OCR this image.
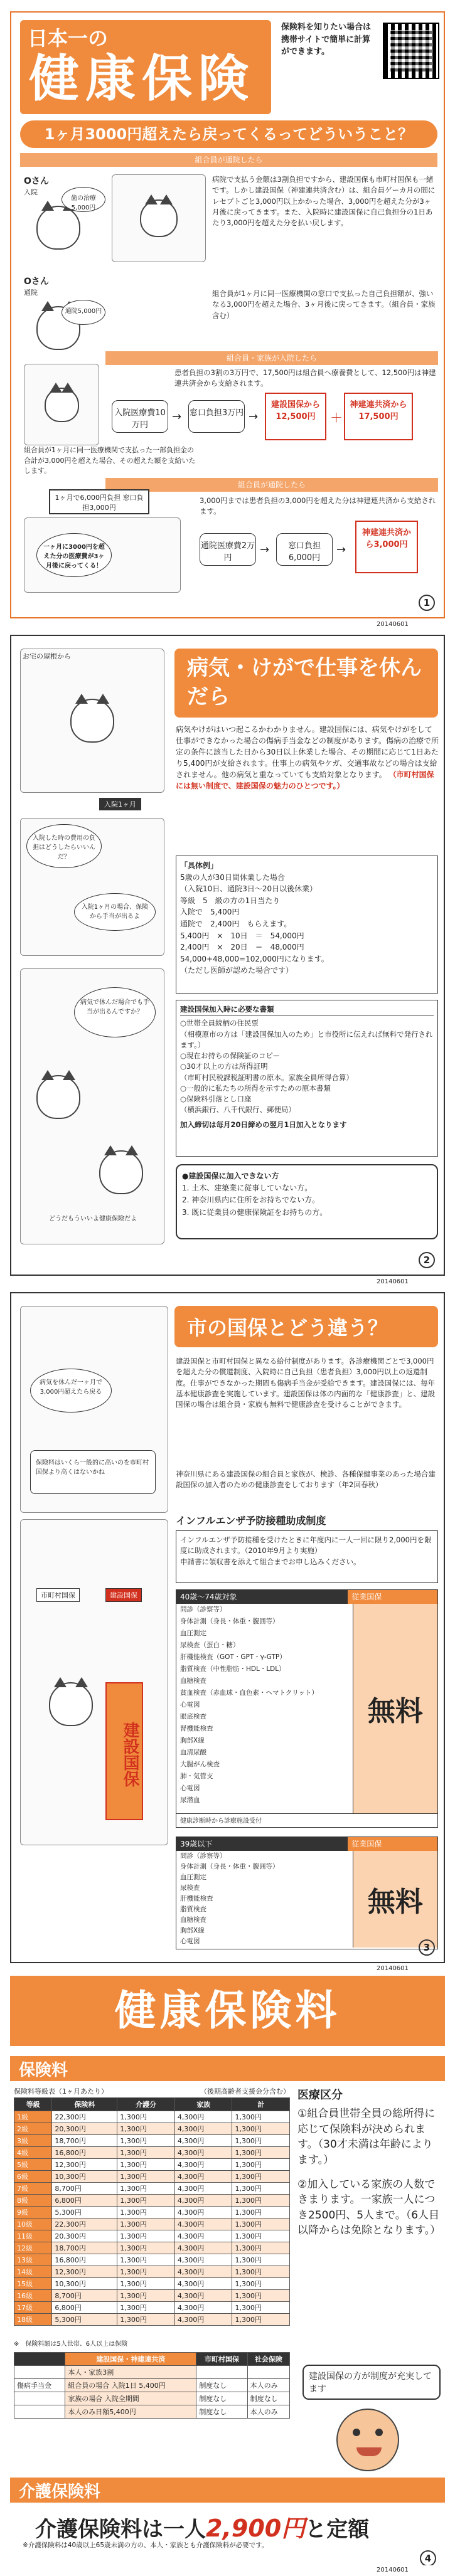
日本一の
健康保険
保険料を知りたい場合は携帯サイトで簡単に計算ができます。
1ヶ月3000円超えたら戻ってくるってどういうこと？
組合員が通院したら
Oさん
入院
歯の治療5,000円
Oさん
通院
通院5,000円
病院で支払う金額は3割負担ですから、建設国保も市町村国保も一緒です。しかし建設国保（神建連共済含む）は、組合員ゲーカ月の間にレセプトごと3,000円以上かかった場合、3,000円を超えた分が3ヶ月後に戻ってきます。また、入院時に建設国保に自己負担分の1日あたり3,000円を超えた分を払い戻します。
組合員が1ヶ月に同一医療機関の窓口で支払った自己負担額が、強いなる3,000円を超えた場合、3ヶ月後に戻ってきます。（組合員・家族含む）
組合員・家族が入院したら
患者負担の3割の3万円で、17,500円は組合員へ療養費として、12,500円は神建連共済会から支給されます。
入院医療費10万円
→ 窓口負担3万円 →
建設国保から12,500円	＋
神建連共済から17,500円
組合員が1ヶ月に同一医療機関で支払った一部負担金の合計が3,000円を超えた場合、その超えた額を支給いたします。
組合員が通院したら
1ヶ月で6,000円負担 窓口負担3,000円
一ヶ月に3000円を超えた分の医療費が3ヶ月後に戻ってくる！
3,000円までは患者負担の3,000円を超えた分は神建連共済から支給されます。
通院医療費2万円
→	窓口負担6,000円
→
神建連共済から3,000円
1
20140601
病気・けがで仕事を休んだら
お宅の屋根から
入院1ヶ月
入院した時の費用の負担はどうしたらいいんだ？
入院1ヶ月の場合、保険から手当が出るよ
病気で休んだ場合でも手当が出るんですか？
どうだもういいよ健康保険だよ
病気やけがはいつ起こるかわかりません。建設国保には、病気やけがをして仕事ができなかった場合の傷病手当金などの制度があります。傷病の治療で所定の条件に該当した日から30日以上休業した場合、その期間に応じて1日あたり5,400円が支給されます。仕事上の病気やケガ、交通事故などの場合は支給されません。他の病気と重なっていても支給対象となります。 （市町村国保には無い制度で、建設国保の魅力のひとつです。）
「具体例」
5歳の人が30日間休業した場合
（入院10日、通院3日～20日以後休業）
等級　5　級の方の1日当たり
入院で　5,400円
通院で　2,400円　もらえます。
5,400円　×　10日　＝　54,000円
2,400円　×　20日　＝　48,000円
54,000+48,000=102,000円になります。
（ただし医師が認めた場合です）
建設国保加入時に必要な書類
○世帯全員続柄の住民票
（相模原市の方は「建設国保加入のため」と市役所に伝えれば無料で発行されます。）
○現在お持ちの保険証のコピー
○30才以上の方は所得証明
（市町村民税課税証明書の原本。家族全員所得合算）
○一般的に私たちの所得を示すための原本書類
○保険料引落とし口座
（横浜銀行、八千代銀行、郵便局）
加入締切は毎月20日締めの翌月1日加入となります
●建設国保に加入できない方
1. 土木、建築業に従事していない方。
2. 神奈川県内に住所をお持ちでない方。
3. 既に従業員の健康保険証をお持ちの方。
2
20140601
市の国保とどう違う？
病気を休んだ一ヶ月で3,000円超えたら戻る
保険料はいくら一般的に高いのを市町村国保より高くはないかね
市町村国保	建設国保
建設国保
建設国保と市町村国保と異なる給付制度があります。各診療機関ごとで3,000円を超えた分の償還制度、入院時に自己負担（患者負担）3,000円以上の返還制度。仕事ができなかった期間も傷病手当金が受給できます。建設国保には、毎年基本健康診査を実施しています。建設国保は体の内面的な「健康診査」と、建設国保の場合は組合員・家族も無料で健康診査を受けることができます。
神奈川県にある建設国保の組合員と家族が、検診、各種保健事業のあった場合建設国保の加入者のための健康診査をしております（年2回春秋）
インフルエンザ予防接種助成制度
インフルエンザ予防接種を受けたときに年度内に一人一回に限り2,000円を限度に助成されます。（2010年9月より実施）
申請書に領収書を添えて組合までお申し込みください。
40歳～74歳対象	従業国保
問診（診察等）
身体計測（身長・体重・腹囲等）
血圧測定
尿検査（蛋白・糖）
肝機能検査（GOT・GPT・γ-GTP）
脂質検査（中性脂肪・HDL・LDL）
血糖検査
貧血検査（赤血球・血色素・ヘマトクリット）
心電図
眼底検査
腎機能検査
胸部X線
血清尿酸
大腸がん検査
肺・気管支
心電図
尿潜血
無料
健康診断時から診療施設受付
39歳以下	従業国保
問診（診察等）
身体計測（身長・体重・腹囲等）
血圧測定
尿検査
肝機能検査
脂質検査
血糖検査
胸部X線
心電図
無料
3
20140601
健康保険料
保険料
保険料等級表（1ヶ月あたり）	（後期高齢者支援金分含む）
等級	保険料	介護分	家族	計
1級	22,300円	1,300円	4,300円	1,300円
2級	20,300円	1,300円	4,300円	1,300円
3級	18,700円	1,300円	4,300円	1,300円
4級	16,800円	1,300円	4,300円	1,300円
5級	12,300円	1,300円	4,300円	1,300円
6級	10,300円	1,300円	4,300円	1,300円
7級	8,700円	1,300円	4,300円	1,300円
8級	6,800円	1,300円	4,300円	1,300円
9級	5,300円	1,300円	4,300円	1,300円
10級	22,300円	1,300円	4,300円	1,300円
11級	20,300円	1,300円	4,300円	1,300円
12級	18,700円	1,300円	4,300円	1,300円
13級	16,800円	1,300円	4,300円	1,300円
14級	12,300円	1,300円	4,300円	1,300円
15級	10,300円	1,300円	4,300円	1,300円
16級	8,700円	1,300円	4,300円	1,300円
17級	6,800円	1,300円	4,300円	1,300円
18級	5,300円	1,300円	4,300円	1,300円
※　保険料額は5人世帯、6人以上は保険
医療区分
①組合員世帯全員の総所得に応じて保険料が決められます。（30才未満は年齢によります。）
②加入している家族の人数できまります。一家族一人につき2500円、5人まで。（6人目以降からは免除となります。）
	建設国保・神建連共済	市町村国保	社会保険
	本人・家族3割		
傷病手当金	組合員の場合 入院1日 5,400円	制度なし	本人のみ
	家族の場合 入院全期間	制度なし	制度なし
	本人のみ日額5,400円	制度なし	本人のみ
建設国保の方が制度が充実してます
介護保険料
介護保険料は一人2,900円と定額
※介護保険料は40歳以上65歳未満の方の、本人・家族とも介護保険料が必要です。
4
20140601
